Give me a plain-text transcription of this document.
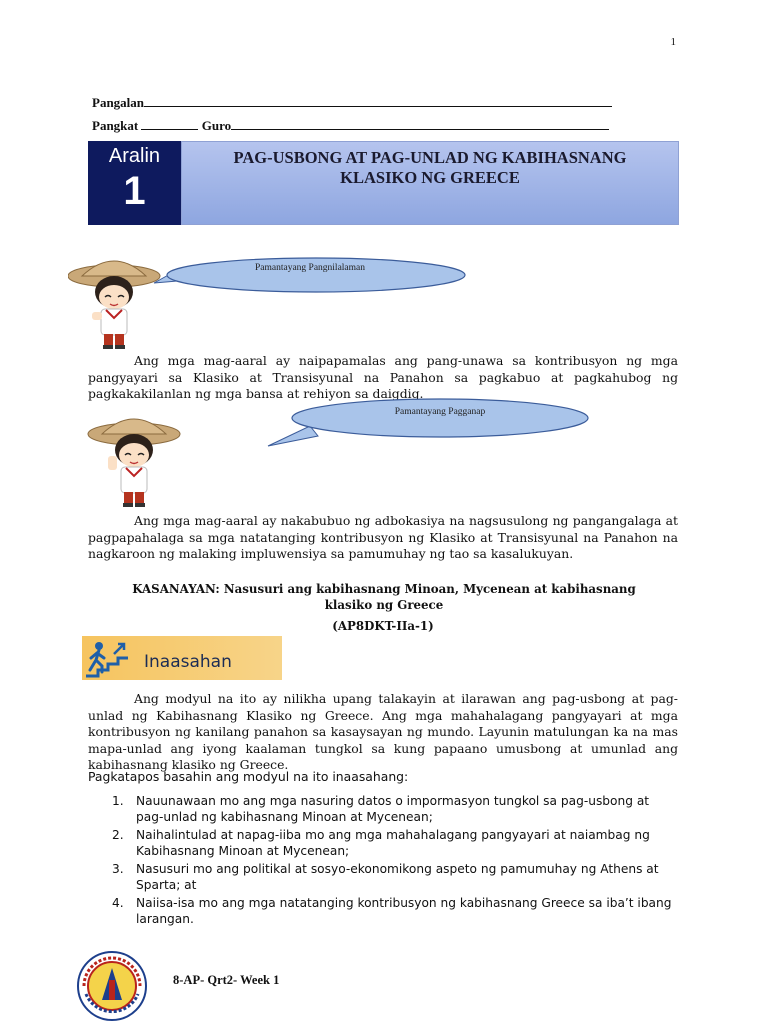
1
Pangalan
Pangkat	Guro
Aralin
1
PAG-USBONG AT PAG-UNLAD NG KABIHASNANG
KLASIKO NG GREECE
Pamantayang Pangnilalaman
Ang mga mag-aaral ay naipapamalas ang pang-unawa sa kontribusyon ng mga pangyayari sa Klasiko at Transisyunal na Panahon sa pagkabuo at pagkahubog ng pagkakakilanlan ng mga bansa at rehiyon sa daigdig.
Pamantayang Pagganap
Ang mga mag-aaral ay nakabubuo ng adbokasiya na nagsusulong ng pangangalaga at pagpapahalaga sa mga natatanging kontribusyon ng Klasiko at Transisyunal na Panahon na nagkaroon ng malaking impluwensiya sa pamumuhay ng tao sa kasalukuyan.
KASANAYAN: Nasusuri ang kabihasnang Minoan, Mycenean at kabihasnang
klasiko ng Greece
(AP8DKT-IIa-1)
Inaasahan
Ang modyul na ito ay nilikha upang talakayin at ilarawan ang pag-usbong at pag-unlad ng Kabihasnang Klasiko ng Greece. Ang mga mahahalagang pangyayari at mga kontribusyon ng kanilang panahon sa kasaysayan ng mundo. Layunin matulungan ka na mas mapa-unlad ang iyong kaalaman tungkol sa kung papaano umusbong at umunlad ang kabihasnang klasiko ng Greece.
Pagkatapos basahin ang modyul na ito inaasahang:
1. Nauunawaan mo ang mga nasuring datos o impormasyon tungkol sa pag-usbong at pag-unlad ng kabihasnang Minoan at Mycenean;
2. Naihalintulad at napag-iiba mo ang mga mahahalagang pangyayari at naiambag ng Kabihasnang Minoan at Mycenean;
3. Nasusuri mo ang politikal at sosyo-ekonomikong aspeto ng pamumuhay ng Athens at Sparta; at
4. Naiisa-isa mo ang mga natatanging kontribusyon ng kabihasnang Greece sa iba’t ibang larangan.
8-AP- Qrt2- Week 1
